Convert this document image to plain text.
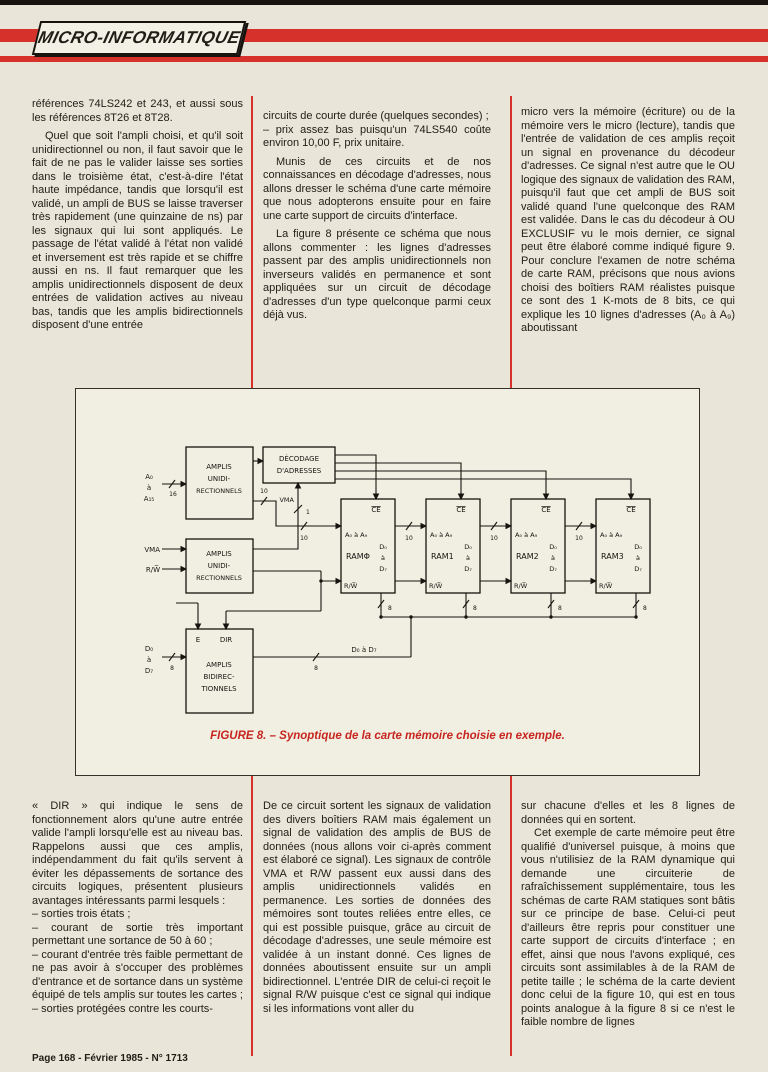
MICRO-INFORMATIQUE

références 74LS242 et 243, et aussi sous les références 8T26 et 8T28.

Quel que soit l'ampli choisi, et qu'il soit unidirectionnel ou non, il faut savoir que le fait de ne pas le valider laisse ses sorties dans le troisième état, c'est-à-dire l'état haute impédance, tandis que lorsqu'il est validé, un ampli de BUS se laisse traverser très rapidement (une quinzaine de ns) par les signaux qui lui sont appliqués. Le passage de l'état validé à l'état non validé et inversement est très rapide et se chiffre aussi en ns. Il faut remarquer que les amplis unidirectionnels disposent de deux entrées de validation actives au niveau bas, tandis que les amplis bidirectionnels disposent d'une entrée

circuits de courte durée (quelques secondes) ;

– prix assez bas puisqu'un 74LS540 coûte environ 10,00 F, prix unitaire.

Munis de ces circuits et de nos connaissances en décodage d'adresses, nous allons dresser le schéma d'une carte mémoire que nous adopterons ensuite pour en faire une carte support de circuits d'interface.

La figure 8 présente ce schéma que nous allons commenter : les lignes d'adresses passent par des amplis unidirectionnels non inverseurs validés en permanence et sont appliquées sur un circuit de décodage d'adresses d'un type quelconque parmi ceux déjà vus.

micro vers la mémoire (écriture) ou de la mémoire vers le micro (lecture), tandis que l'entrée de validation de ces amplis reçoit un signal en provenance du décodeur d'adresses. Ce signal n'est autre que le OU logique des signaux de validation des RAM, puisqu'il faut que cet ampli de BUS soit validé quand l'une quelconque des RAM est validée. Dans le cas du décodeur à OU EXCLUSIF vu le mois dernier, ce signal peut être élaboré comme indiqué figure 9. Pour conclure l'examen de notre schéma de carte RAM, précisons que nous avions choisi des boîtiers RAM réalistes puisque ce sont des 1 K-mots de 8 bits, ce qui explique les 10 lignes d'adresses (A₀ à A₉) aboutissant

A₀
à
A₁₅
16
VMA
R/W̅
D₀
à
D₇	8
AMPLIS
UNIDI-
RECTIONNELS
DÉCODAGE
D'ADRESSES
AMPLIS
UNIDI-
RECTIONNELS
E	DIR
AMPLIS
BIDIREC-
TIONNELS
VMA
10
10	10	10	10
1
8	8	8	8
8
CE
A₀ à A₉
RAMΦ
D₀
à
D₇
R/W̅
CE
A₀ à A₉
RAM1
D₀
à
D₇
R/W̅
CE
A₀ à A₉
RAM2
D₀
à
D₇
R/W̅
CE
A₀ à A₉
RAM3
D₀
à
D₇
R/W̅
D₀ à D₇
FIGURE 8. – Synoptique de la carte mémoire choisie en exemple.

« DIR » qui indique le sens de fonctionnement alors qu'une autre entrée valide l'ampli lorsqu'elle est au niveau bas. Rappelons aussi que ces amplis, indépendamment du fait qu'ils servent à éviter les dépassements de sortance des circuits logiques, présentent plusieurs avantages intéressants parmi lesquels :

– sorties trois états ;

– courant de sortie très important permettant une sortance de 50 à 60 ;

– courant d'entrée très faible permettant de ne pas avoir à s'occuper des problèmes d'entrance et de sortance dans un système équipé de tels amplis sur toutes les cartes ;

– sorties protégées contre les courts-

De ce circuit sortent les signaux de validation des divers boîtiers RAM mais également un signal de validation des amplis de BUS de données (nous allons voir ci-après comment est élaboré ce signal). Les signaux de contrôle VMA et R/W passent eux aussi dans des amplis unidirectionnels validés en permanence. Les sorties de données des mémoires sont toutes reliées entre elles, ce qui est possible puisque, grâce au circuit de décodage d'adresses, une seule mémoire est validée à un instant donné. Ces lignes de données aboutissent ensuite sur un ampli bidirectionnel. L'entrée DIR de celui-ci reçoit le signal R/W puisque c'est ce signal qui indique si les informations vont aller du

sur chacune d'elles et les 8 lignes de données qui en sortent.

Cet exemple de carte mémoire peut être qualifié d'universel puisque, à moins que vous n'utilisiez de la RAM dynamique qui demande une circuiterie de rafraîchissement supplémentaire, tous les schémas de carte RAM statiques sont bâtis sur ce principe de base. Celui-ci peut d'ailleurs être repris pour constituer une carte support de circuits d'interface ; en effet, ainsi que nous l'avons expliqué, ces circuits sont assimilables à de la RAM de petite taille ; le schéma de la carte devient donc celui de la figure 10, qui est en tous points analogue à la figure 8 si ce n'est le faible nombre de lignes

Page 168 - Février 1985 - N° 1713
